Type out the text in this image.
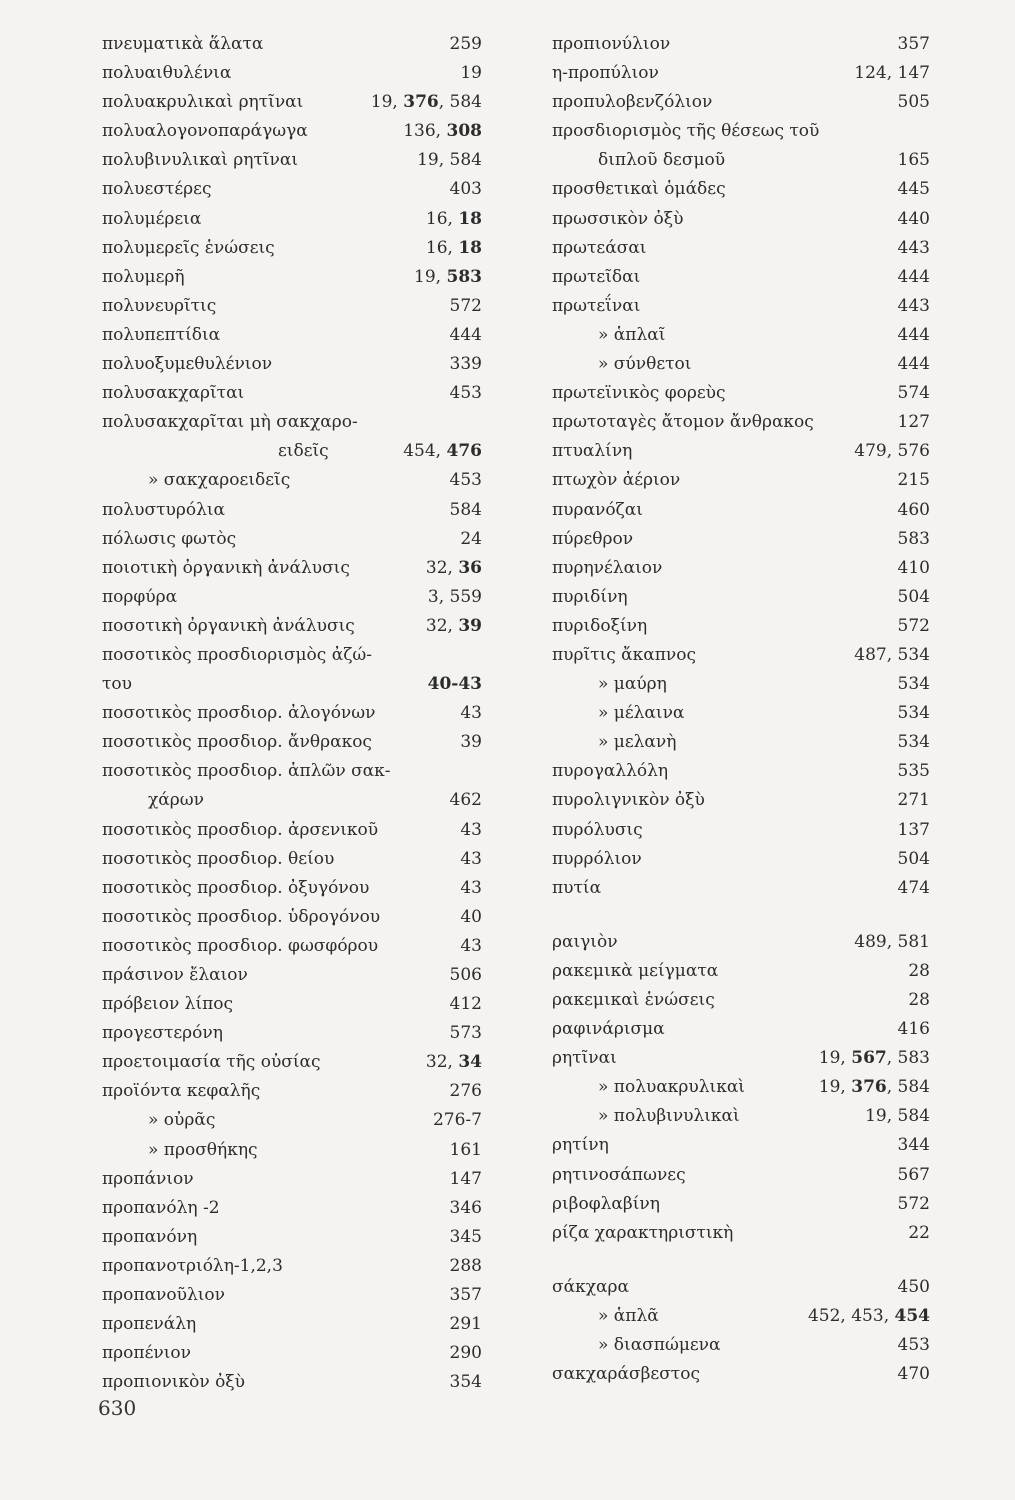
πνευματικὰ ἅλατα	259
πολυαιθυλένια	19
πολυακρυλικαὶ ρητῖναι	19, 376, 584
πολυαλογονοπαράγωγα	136, 308
πολυβινυλικαὶ ρητῖναι	19, 584
πολυεστέρες	403
πολυμέρεια	16, 18
πολυμερεῖς ἑνώσεις	16, 18
πολυμερῆ	19, 583
πολυνευρῖτις	572
πολυπεπτίδια	444
πολυοξυμεθυλένιον	339
πολυσακχαρῖται	453
πολυσακχαρῖται μὴ σακχαρο-
ειδεῖς	454, 476
» σακχαροειδεῖς	453
πολυστυρόλια	584
πόλωσις φωτὸς	24
ποιοτικὴ ὀργανικὴ ἀνάλυσις	32, 36
πορφύρα	3, 559
ποσοτικὴ ὀργανικὴ ἀνάλυσις	32, 39
ποσοτικὸς προσδιορισμὸς ἀζώ-
του	40-43
ποσοτικὸς προσδιορ. ἀλογόνων	43
ποσοτικὸς προσδιορ. ἄνθρακος	39
ποσοτικὸς προσδιορ. ἁπλῶν σακ-
χάρων	462
ποσοτικὸς προσδιορ. ἀρσενικοῦ	43
ποσοτικὸς προσδιορ. θείου	43
ποσοτικὸς προσδιορ. ὀξυγόνου	43
ποσοτικὸς προσδιορ. ὑδρογόνου	40
ποσοτικὸς προσδιορ. φωσφόρου	43
πράσινον ἔλαιον	506
πρόβειον λίπος	412
προγεστερόνη	573
προετοιμασία τῆς οὐσίας	32, 34
προϊόντα κεφαλῆς	276
» οὐρᾶς	276-7
» προσθήκης	161
προπάνιον	147
προπανόλη -2	346
προπανόνη	345
προπανοτριόλη-1,2,3	288
προπανοῦλιον	357
προπενάλη	291
προπένιον	290
προπιονικὸν ὀξὺ	354
προπιονύλιον	357
η-προπύλιον	124, 147
προπυλοβενζόλιον	505
προσδιορισμὸς τῆς θέσεως τοῦ
διπλοῦ δεσμοῦ	165
προσθετικαὶ ὁμάδες	445
πρωσσικὸν ὀξὺ	440
πρωτεάσαι	443
πρωτεῖδαι	444
πρωτεΐναι	443
» ἁπλαῖ	444
» σύνθετοι	444
πρωτεϊνικὸς φορεὺς	574
πρωτοταγὲς ἄτομον ἄνθρακος	127
πτυαλίνη	479, 576
πτωχὸν ἀέριον	215
πυρανόζαι	460
πύρεθρον	583
πυρηνέλαιον	410
πυριδίνη	504
πυριδοξίνη	572
πυρῖτις ἄκαπνος	487, 534
» μαύρη	534
» μέλαινα	534
» μελανὴ	534
πυρογαλλόλη	535
πυρολιγνικὸν ὀξὺ	271
πυρόλυσις	137
πυρρόλιον	504
πυτία	474
ραιγιὸν	489, 581
ρακεμικὰ μείγματα	28
ρακεμικαὶ ἑνώσεις	28
ραφινάρισμα	416
ρητῖναι	19, 567, 583
» πολυακρυλικαὶ	19, 376, 584
» πολυβινυλικαὶ	19, 584
ρητίνη	344
ρητινοσάπωνες	567
ριβοφλαβίνη	572
ρίζα χαρακτηριστικὴ	22
σάκχαρα	450
» ἁπλᾶ	452, 453, 454
» διασπώμενα	453
σακχαράσβεστος	470
630
